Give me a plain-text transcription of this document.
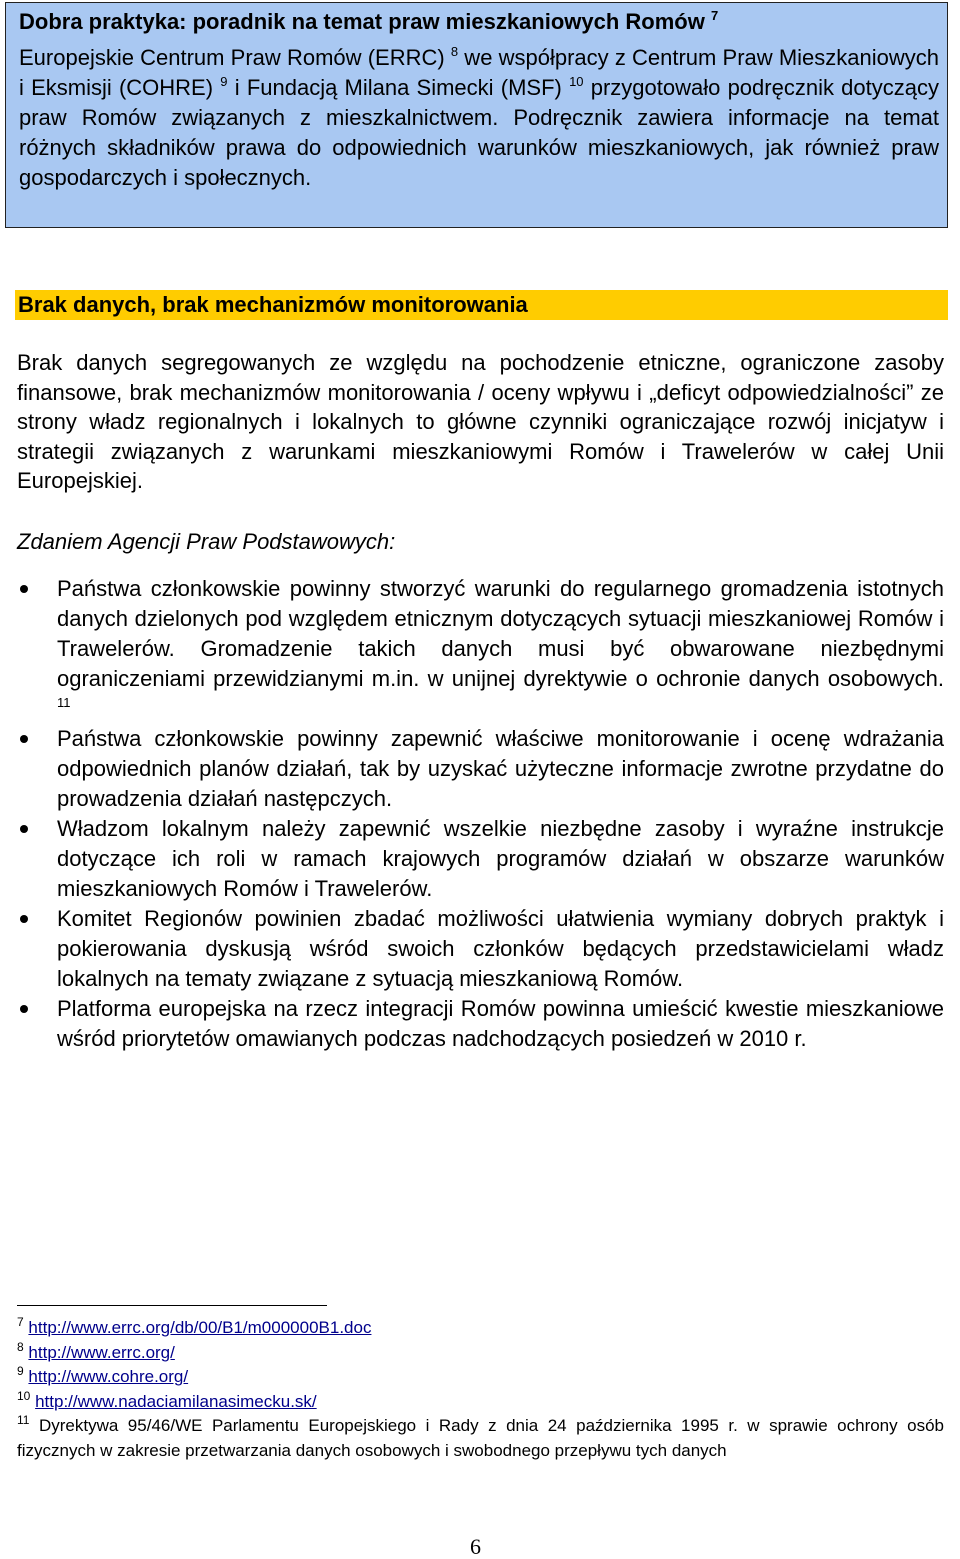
Dobra praktyka: poradnik na temat praw mieszkaniowych Romów $^7$
Europejskie Centrum Praw Romów (ERRC) $^8$ we współpracy z Centrum Praw Mieszkaniowych i Eksmisji (COHRE) $^9$ i Fundacją Milana Simecki (MSF) $^{10}$ przygotowało podręcznik dotyczący praw Romów związanych z mieszkalnictwem. Podręcznik zawiera informacje na temat różnych składników prawa do odpowiednich warunków mieszkaniowych, jak również praw gospodarczych i społecznych.
Brak danych, brak mechanizmów monitorowania
Brak danych segregowanych ze względu na pochodzenie etniczne, ograniczone zasoby finansowe, brak mechanizmów monitorowania / oceny wpływu i „deficyt odpowiedzialności” ze strony władz regionalnych i lokalnych to główne czynniki ograniczające rozwój inicjatyw i strategii związanych z warunkami mieszkaniowymi Romów i Trawelerów w całej Unii Europejskiej.
Zdaniem Agencji Praw Podstawowych:
Państwa członkowskie powinny stworzyć warunki do regularnego gromadzenia istotnych danych dzielonych pod względem etnicznym dotyczących sytuacji mieszkaniowej Romów i Trawelerów. Gromadzenie takich danych musi być obwarowane niezbędnymi ograniczeniami przewidzianymi m.in. w unijnej dyrektywie o ochronie danych osobowych. $^{11}$
Państwa członkowskie powinny zapewnić właściwe monitorowanie i ocenę wdrażania odpowiednich planów działań, tak by uzyskać użyteczne informacje zwrotne przydatne do prowadzenia działań następczych.
Władzom lokalnym należy zapewnić wszelkie niezbędne zasoby i wyraźne instrukcje dotyczące ich roli w ramach krajowych programów działań w obszarze warunków mieszkaniowych Romów i Trawelerów.
Komitet Regionów powinien zbadać możliwości ułatwienia wymiany dobrych praktyk i pokierowania dyskusją wśród swoich członków będących przedstawicielami władz lokalnych na tematy związane z sytuacją mieszkaniową Romów.
Platforma europejska na rzecz integracji Romów powinna umieścić kwestie mieszkaniowe wśród priorytetów omawianych podczas nadchodzących posiedzeń w 2010 r.
$^7$ http://www.errc.org/db/00/B1/m000000B1.doc
$^8$ http://www.errc.org/
$^9$ http://www.cohre.org/
$^{10}$ http://www.nadaciamilanasimecku.sk/
$^{11}$ Dyrektywa 95/46/WE Parlamentu Europejskiego i Rady z dnia 24 października 1995 r. w sprawie ochrony osób fizycznych w zakresie przetwarzania danych osobowych i swobodnego przepływu tych danych
6
